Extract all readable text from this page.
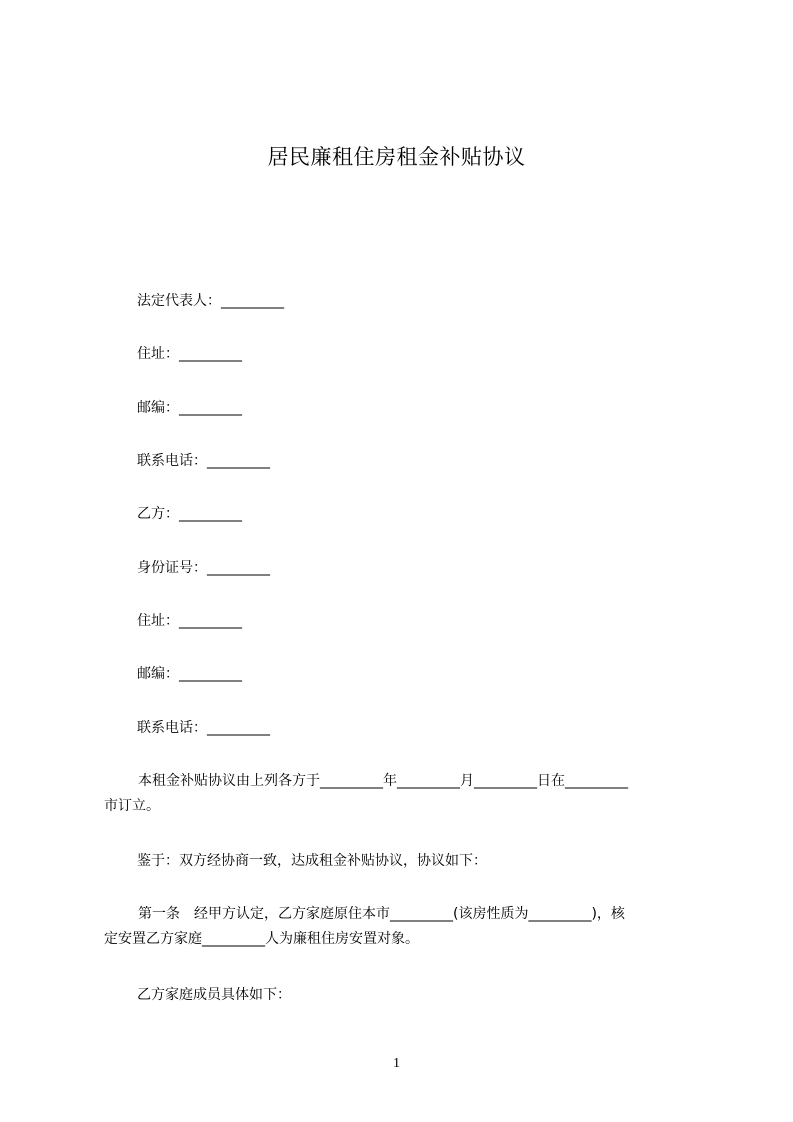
居民廉租住房租金补贴协议
法定代表人：_________
住址：_________
邮编：_________
联系电话：_________
乙方：_________
身份证号：_________
住址：_________
邮编：_________
联系电话：_________
本租金补贴协议由上列各方于_________年_________月_________日在_________
市订立。
鉴于：双方经协商一致，达成租金补贴协议，协议如下：
第一条　经甲方认定，乙方家庭原住本市_________(该房性质为_________)，核
定安置乙方家庭_________人为廉租住房安置对象。
乙方家庭成员具体如下：
1
